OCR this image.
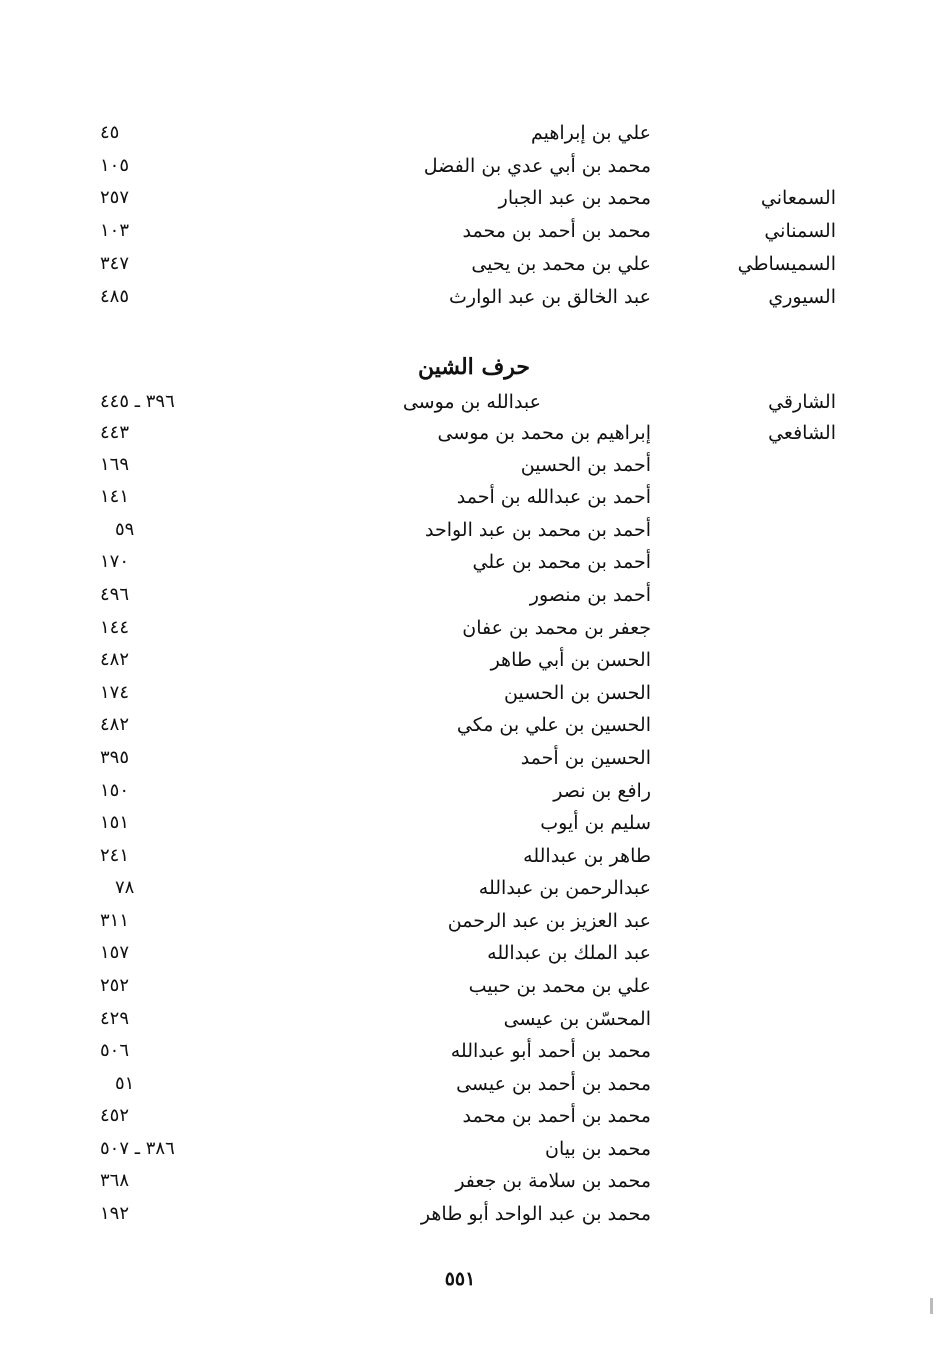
علي بن إبراهيم
٤٥
محمد بن أبي عدي بن الفضل
١٠٥
السمعاني
محمد بن عبد الجبار
٢٥٧
السمناني
محمد بن أحمد بن محمد
١٠٣
السميساطي
علي بن محمد بن يحيى
٣٤٧
السيوري
عبد الخالق بن عبد الوارث
٤٨٥
حرف الشين
الشارقي
عبدالله بن موسى
٣٩٦ ـ ٤٤٥
الشافعي
إبراهيم بن محمد بن موسى
٤٤٣
أحمد بن الحسين
١٦٩
أحمد بن عبدالله بن أحمد
١٤١
أحمد بن محمد بن عبد الواحد
٥٩
أحمد بن محمد بن علي
١٧٠
أحمد بن منصور
٤٩٦
جعفر بن محمد بن عفان
١٤٤
الحسن بن أبي طاهر
٤٨٢
الحسن بن الحسين
١٧٤
الحسين بن علي بن مكي
٤٨٢
الحسين بن أحمد
٣٩٥
رافع بن نصر
١٥٠
سليم بن أيوب
١٥١
طاهر بن عبدالله
٢٤١
عبدالرحمن بن عبدالله
٧٨
عبد العزيز بن عبد الرحمن
٣١١
عبد الملك بن عبدالله
١٥٧
علي بن محمد بن حبيب
٢٥٢
المحسّن بن عيسى
٤٢٩
محمد بن أحمد أبو عبدالله
٥٠٦
محمد بن أحمد بن عيسى
٥١
محمد بن أحمد بن محمد
٤٥٢
محمد بن بيان
٣٨٦ ـ ٥٠٧
محمد بن سلامة بن جعفر
٣٦٨
محمد بن عبد الواحد أبو طاهر
١٩٢
٥٥١
